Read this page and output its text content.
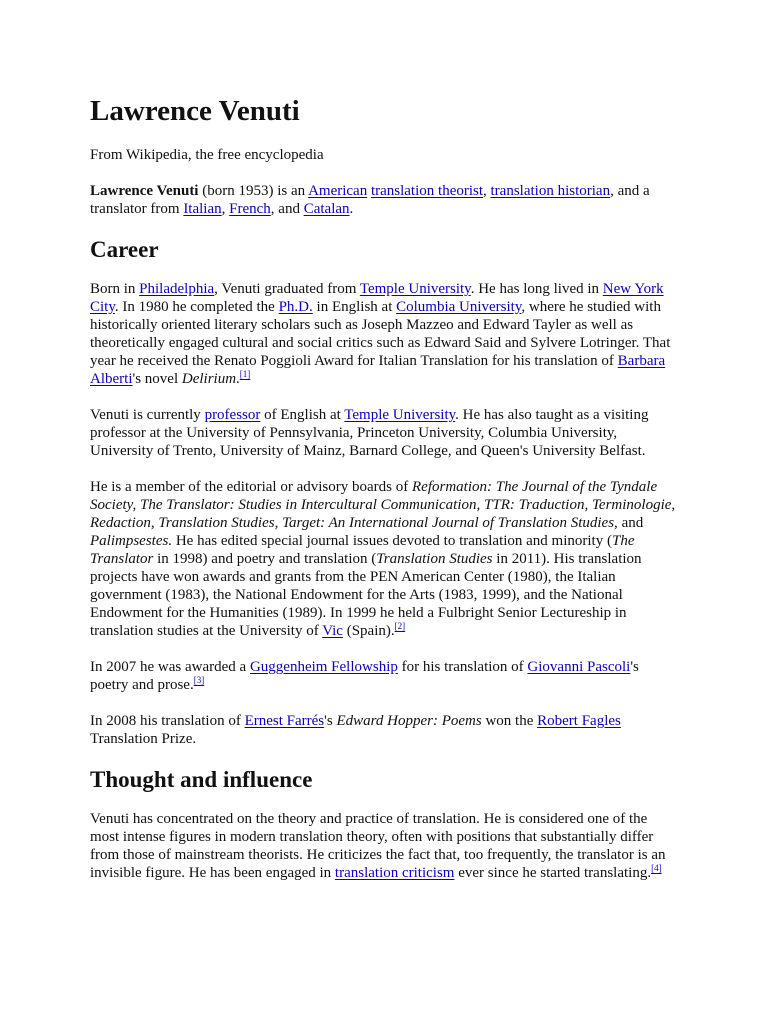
Lawrence Venuti

From Wikipedia, the free encyclopedia

Lawrence Venuti (born 1953) is an American translation theorist, translation historian, and a translator from Italian, French, and Catalan.

Career

Born in Philadelphia, Venuti graduated from Temple University. He has long lived in New York City. In 1980 he completed the Ph.D. in English at Columbia University, where he studied with historically oriented literary scholars such as Joseph Mazzeo and Edward Tayler as well as theoretically engaged cultural and social critics such as Edward Said and Sylvere Lotringer. That year he received the Renato Poggioli Award for Italian Translation for his translation of Barbara Alberti's novel Delirium.[1]

Venuti is currently professor of English at Temple University. He has also taught as a visiting professor at the University of Pennsylvania, Princeton University, Columbia University, University of Trento, University of Mainz, Barnard College, and Queen's University Belfast.

He is a member of the editorial or advisory boards of Reformation: The Journal of the Tyndale Society, The Translator: Studies in Intercultural Communication, TTR: Traduction, Terminologie, Redaction, Translation Studies, Target: An International Journal of Translation Studies, and Palimpsestes. He has edited special journal issues devoted to translation and minority (The Translator in 1998) and poetry and translation (Translation Studies in 2011). His translation projects have won awards and grants from the PEN American Center (1980), the Italian government (1983), the National Endowment for the Arts (1983, 1999), and the National Endowment for the Humanities (1989). In 1999 he held a Fulbright Senior Lectureship in translation studies at the University of Vic (Spain).[2]

In 2007 he was awarded a Guggenheim Fellowship for his translation of Giovanni Pascoli's poetry and prose.[3]

In 2008 his translation of Ernest Farrés's Edward Hopper: Poems won the Robert Fagles Translation Prize.

Thought and influence

Venuti has concentrated on the theory and practice of translation. He is considered one of the most intense figures in modern translation theory, often with positions that substantially differ from those of mainstream theorists. He criticizes the fact that, too frequently, the translator is an invisible figure. He has been engaged in translation criticism ever since he started translating.[4]
